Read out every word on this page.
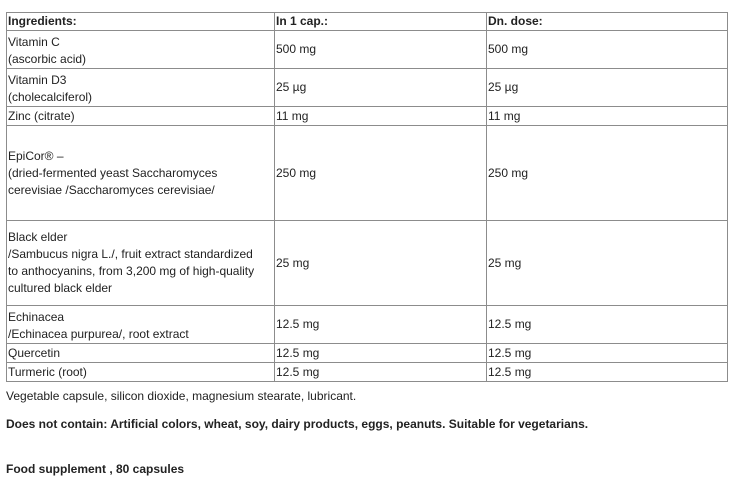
Ingredients:	In 1 cap.:	Dn. dose:

Vitamin C
(ascorbic acid)	500 mg	500 mg

Vitamin D3
(cholecalciferol)	25 µg	25 µg

Zinc (citrate)	11 mg	11 mg

EpiCor® –
(dried-fermented yeast Saccharomyces
cerevisiae /Saccharomyces cerevisiae/	250 mg	250 mg

Black elder
/Sambucus nigra L./, fruit extract standardized
to anthocyanins, from 3,200 mg of high-quality
cultured black elder	25 mg	25 mg

Echinacea
/Echinacea purpurea/, root extract	12.5 mg	12.5 mg

Quercetin	12.5 mg	12.5 mg

Turmeric (root)	12.5 mg	12.5 mg
Vegetable capsule, silicon dioxide, magnesium stearate, lubricant.
Does not contain: Artificial colors, wheat, soy, dairy products, eggs, peanuts. Suitable for vegetarians.
Food supplement , 80 capsules
